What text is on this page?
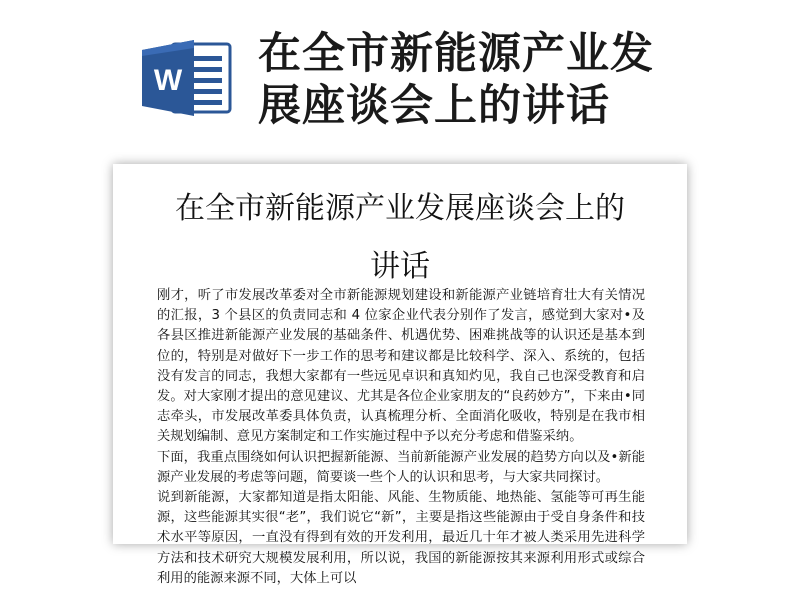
W
在全市新能源产业发
展座谈会上的讲话
在全市新能源产业发展座谈会上的
讲话

刚才，听了市发展改革委对全市新能源规划建设和新能源产业链培育壮大有关情况的汇报，3 个县区的负责同志和 4 位家企业代表分别作了发言，感觉到大家对•及各县区推进新能源产业发展的基础条件、机遇优势、困难挑战等的认识还是基本到位的，特别是对做好下一步工作的思考和建议都是比较科学、深入、系统的，包括没有发言的同志，我想大家都有一些远见卓识和真知灼见，我自己也深受教育和启发。对大家刚才提出的意见建议、尤其是各位企业家朋友的“良药妙方”，下来由•同志牵头，市发展改革委具体负责，认真梳理分析、全面消化吸收，特别是在我市相关规划编制、意见方案制定和工作实施过程中予以充分考虑和借鉴采纳。

下面，我重点围绕如何认识把握新能源、当前新能源产业发展的趋势方向以及•新能源产业发展的考虑等问题，简要谈一些个人的认识和思考，与大家共同探讨。

说到新能源，大家都知道是指太阳能、风能、生物质能、地热能、氢能等可再生能源，这些能源其实很“老”，我们说它“新”，主要是指这些能源由于受自身条件和技术水平等原因，一直没有得到有效的开发利用，最近几十年才被人类采用先进科学方法和技术研究大规模发展利用，所以说，我国的新能源按其来源利用形式或综合利用的能源来源不同，大体上可以
